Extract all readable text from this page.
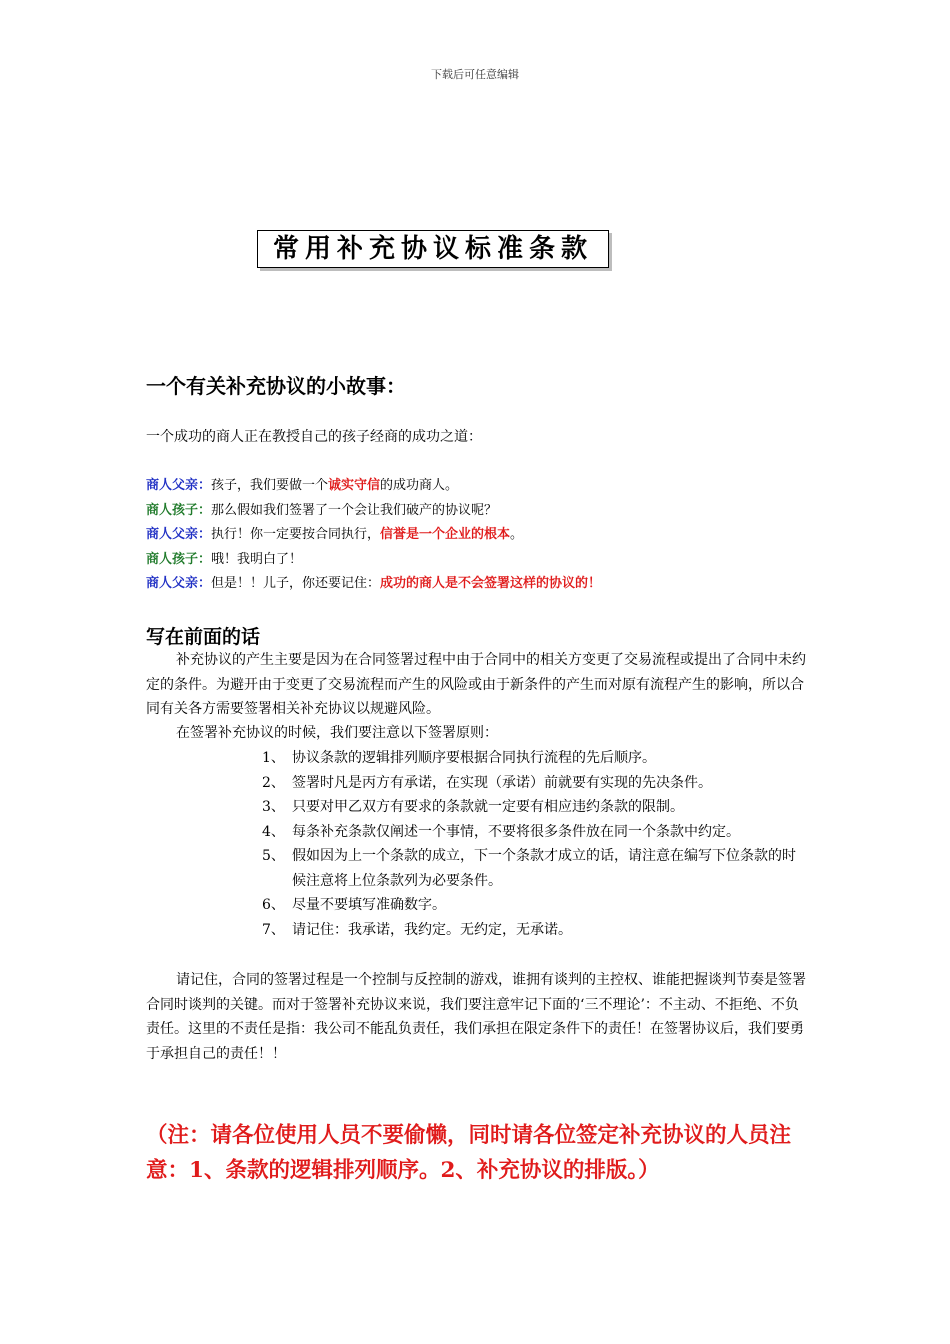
下载后可任意编辑
常用补充协议标准条款
一个有关补充协议的小故事：
一个成功的商人正在教授自己的孩子经商的成功之道：
商人父亲：孩子，我们要做一个诚实守信的成功商人。
商人孩子：那么假如我们签署了一个会让我们破产的协议呢？
商人父亲：执行！你一定要按合同执行，信誉是一个企业的根本。
商人孩子：哦！我明白了！
商人父亲：但是！！儿子，你还要记住：成功的商人是不会签署这样的协议的！
写在前面的话
补充协议的产生主要是因为在合同签署过程中由于合同中的相关方变更了交易流程或提出了合同中未约定的条件。为避开由于变更了交易流程而产生的风险或由于新条件的产生而对原有流程产生的影响，所以合同有关各方需要签署相关补充协议以规避风险。
在签署补充协议的时候，我们要注意以下签署原则：
1、 协议条款的逻辑排列顺序要根据合同执行流程的先后顺序。
2、 签署时凡是丙方有承诺，在实现（承诺）前就要有实现的先决条件。
3、 只要对甲乙双方有要求的条款就一定要有相应违约条款的限制。
4、 每条补充条款仅阐述一个事情，不要将很多条件放在同一个条款中约定。
5、 假如因为上一个条款的成立，下一个条款才成立的话，请注意在编写下位条款的时候注意将上位条款列为必要条件。
6、 尽量不要填写准确数字。
7、 请记住：我承诺，我约定。无约定，无承诺。
请记住，合同的签署过程是一个控制与反控制的游戏，谁拥有谈判的主控权、谁能把握谈判节奏是签署合同时谈判的关键。而对于签署补充协议来说，我们要注意牢记下面的‘三不理论’：不主动、不拒绝、不负责任。这里的不责任是指：我公司不能乱负责任，我们承担在限定条件下的责任！在签署协议后，我们要勇于承担自己的责任！！
（注：请各位使用人员不要偷懒，同时请各位签定补充协议的人员注意：1、条款的逻辑排列顺序。2、补充协议的排版。）
